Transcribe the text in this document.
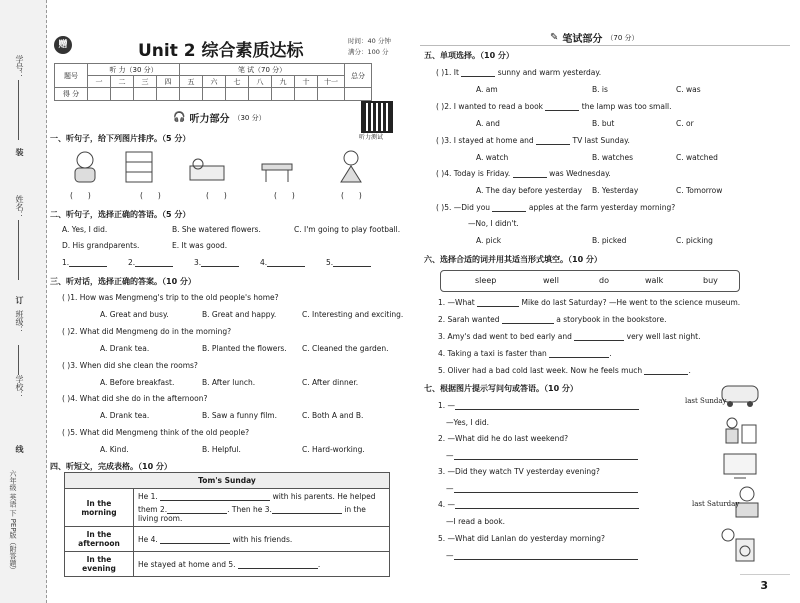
学号：
装
姓名：
订
班级：
学校：
线
六年级 英语 下 PEP版（附答题）
赠	Unit 2 综合素质达标	时间：40 分钟
满分：100 分
题号	听 力（30 分）				笔 试（70 分）							总分
	一	二	三	四	五	六	七	八	九	十	十一	
得 分												
听力测试
🎧 听力部分 （30 分）
一、听句子，给下列图片排序。（5 分）
(　　)	(　　)	(　　)	(　　)	(　　)
二、听句子，选择正确的答语。（5 分）
A. Yes, I did.	B. She watered flowers.	C. I'm going to play football.
D. His grandparents.	E. It was good.
1.	2.	3.	4.	5.
三、听对话，选择正确的答案。（10 分）
( )1. How was Mengmeng's trip to the old people's home?
A. Great and busy.	B. Great and happy.	C. Interesting and exciting.
( )2. What did Mengmeng do in the morning?
A. Drank tea.	B. Planted the flowers. C. Cleaned the garden.
( )3. When did she clean the rooms?
A. Before breakfast.	B. After lunch.	C. After dinner.
( )4. What did she do in the afternoon?
A. Drank tea.	B. Saw a funny film.	C. Both A and B.
( )5. What did Mengmeng think of the old people?
A. Kind.	B. Helpful.	C. Hard-working.
四、听短文，完成表格。（10 分）
Tom's Sunday	
In the morning	He 1. with his parents. He helped
them 2. . Then he 3. in the living room.

In the afternoon	He 4. with his friends.
In the evening	He stayed at home and 5. .
✎ 笔试部分 （70 分）
五、单项选择。（10 分）
( )1. It	sunny and warm yesterday.
A. am	B. is	C. was
( )2. I wanted to read a book	the lamp was too small.
A. and	B. but	C. or
( )3. I stayed at home and	TV last Sunday.
A. watch	B. watches	C. watched
( )4. Today is Friday.	was Wednesday.
A. The day before yesterday B. Yesterday	C. Tomorrow
( )5. —Did you	apples at the farm yesterday morning?
—No, I didn't.
A. pick	B. picked	C. picking
六、选择合适的词并用其适当形式填空。（10 分）
sleep	well	do	walk	buy
1. —What	Mike do last Saturday? —He went to the science museum.
2. Sarah wanted	a storybook in the bookstore.
3. Amy's dad went to bed early and	very well last night.
4. Taking a taxi is faster than	.
5. Oliver had a bad cold last week. Now he feels much	.
七、根据图片提示写问句或答语。（10 分）
1. —
—Yes, I did.
2. —What did he do last weekend?
—
3. —Did they watch TV yesterday evening?
—
4. —
—I read a book.
5. —What did Lanlan do yesterday morning?
—
last Sunday
last Saturday
3
